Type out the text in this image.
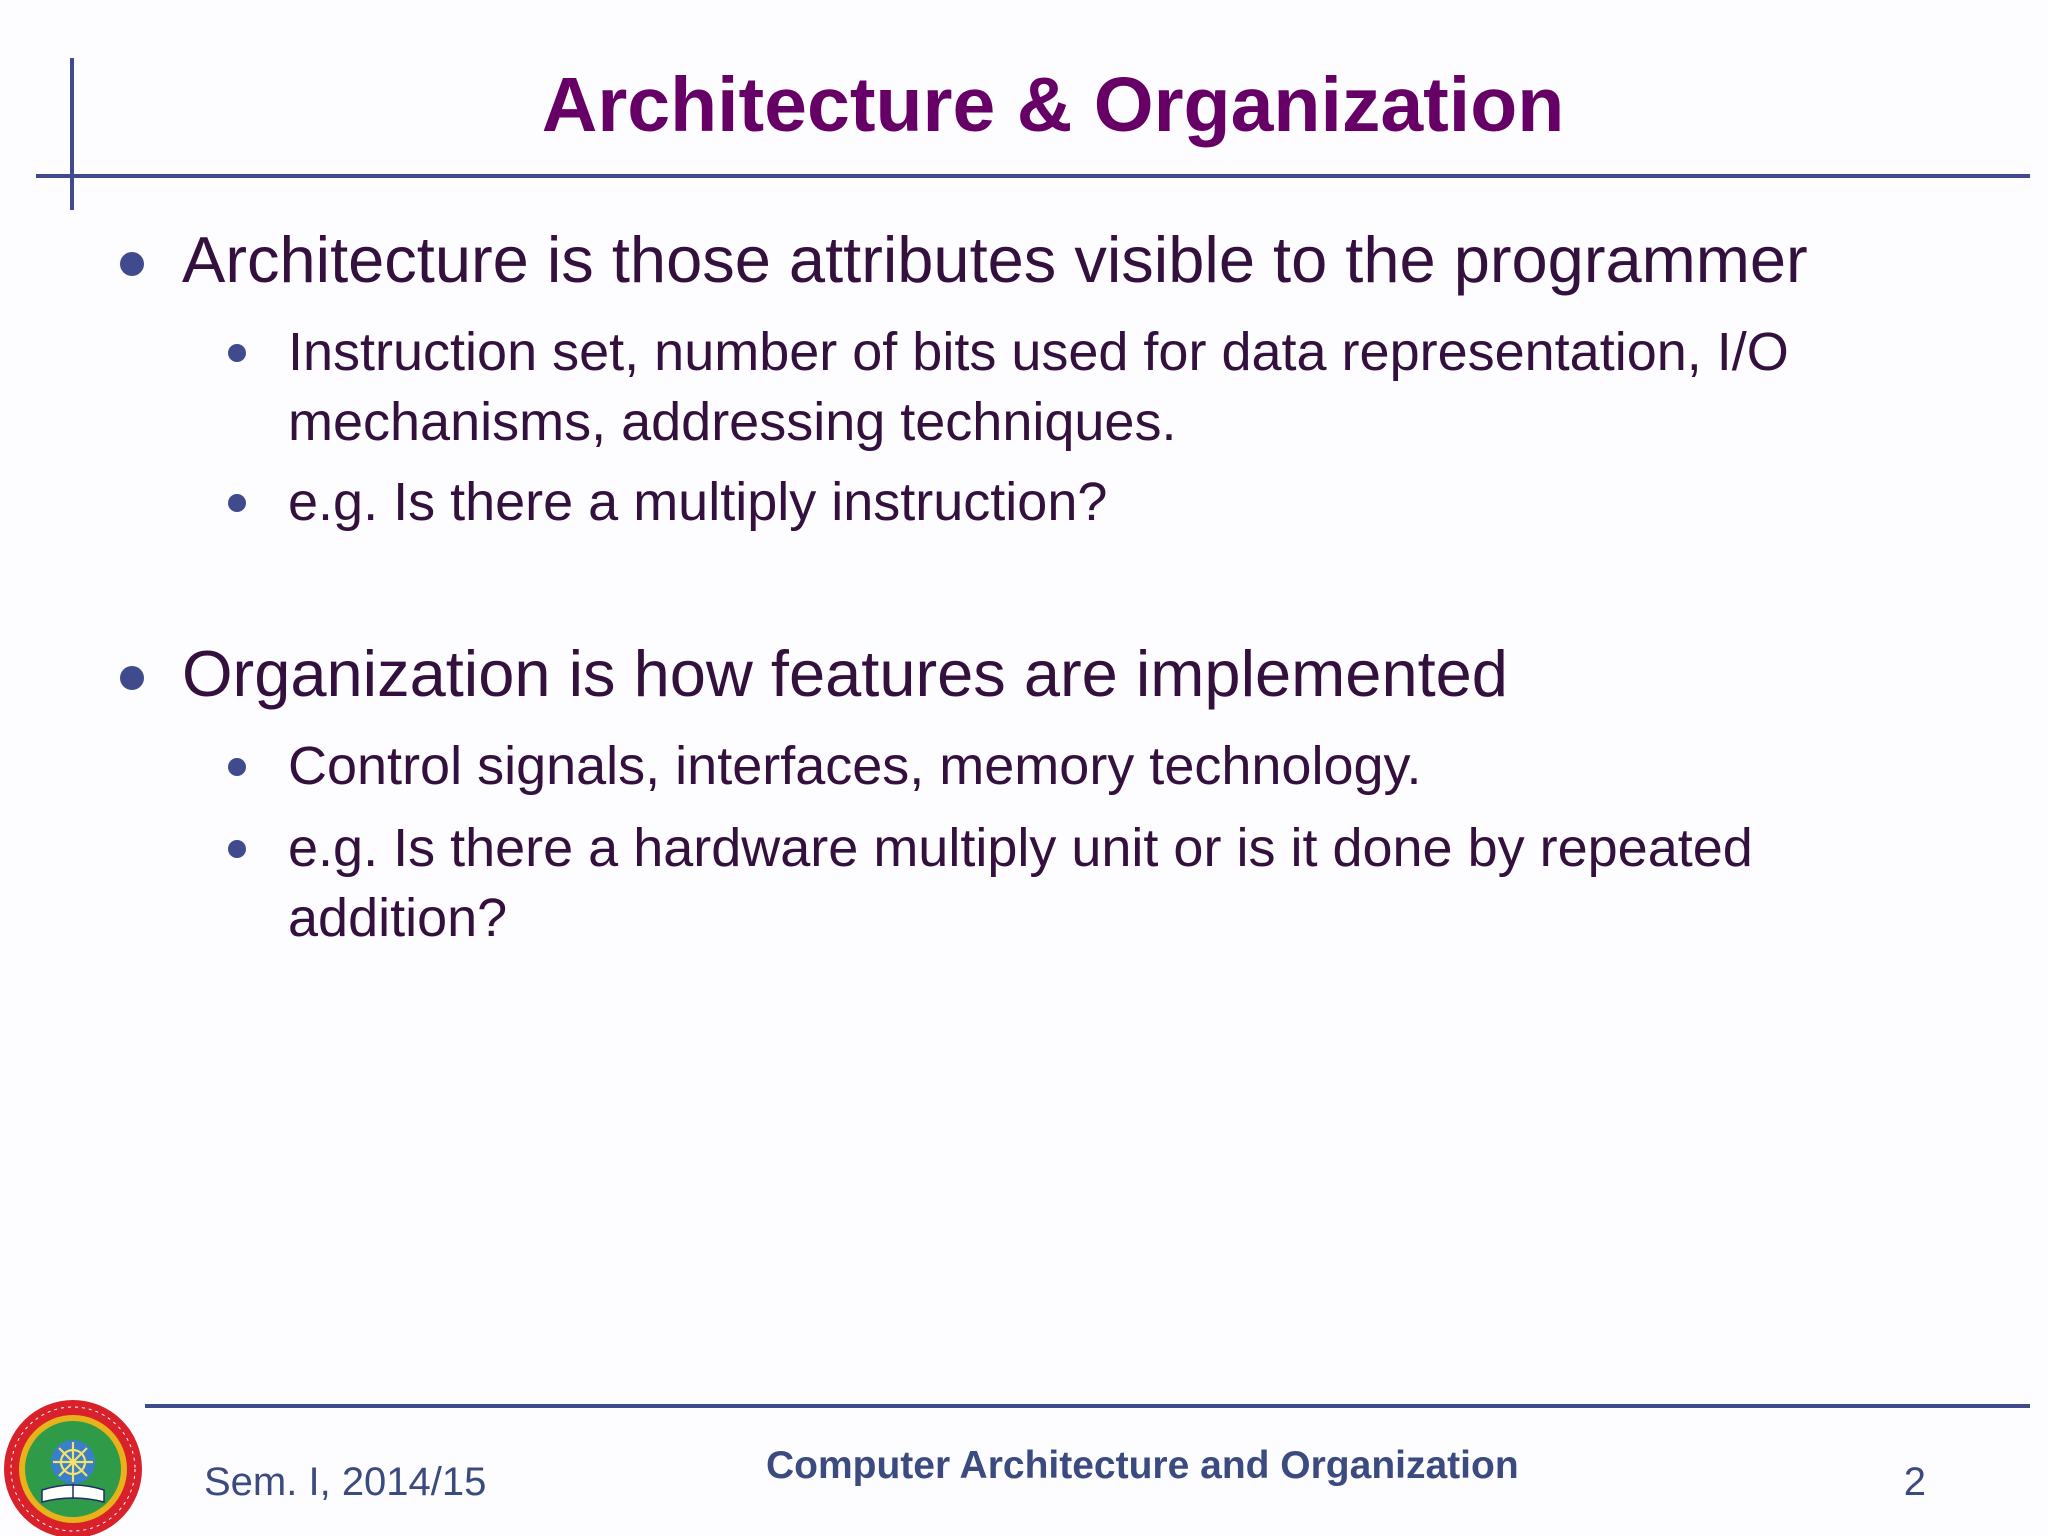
Architecture & Organization
Architecture is those attributes visible to the programmer
Instruction set, number of bits used for data representation, I/O mechanisms, addressing techniques.
e.g. Is there a multiply instruction?
Organization is how features are implemented
Control signals, interfaces, memory technology.
e.g. Is there a hardware multiply unit or is it done by repeated addition?
Sem. I, 2014/15	Computer Architecture and Organization	2
